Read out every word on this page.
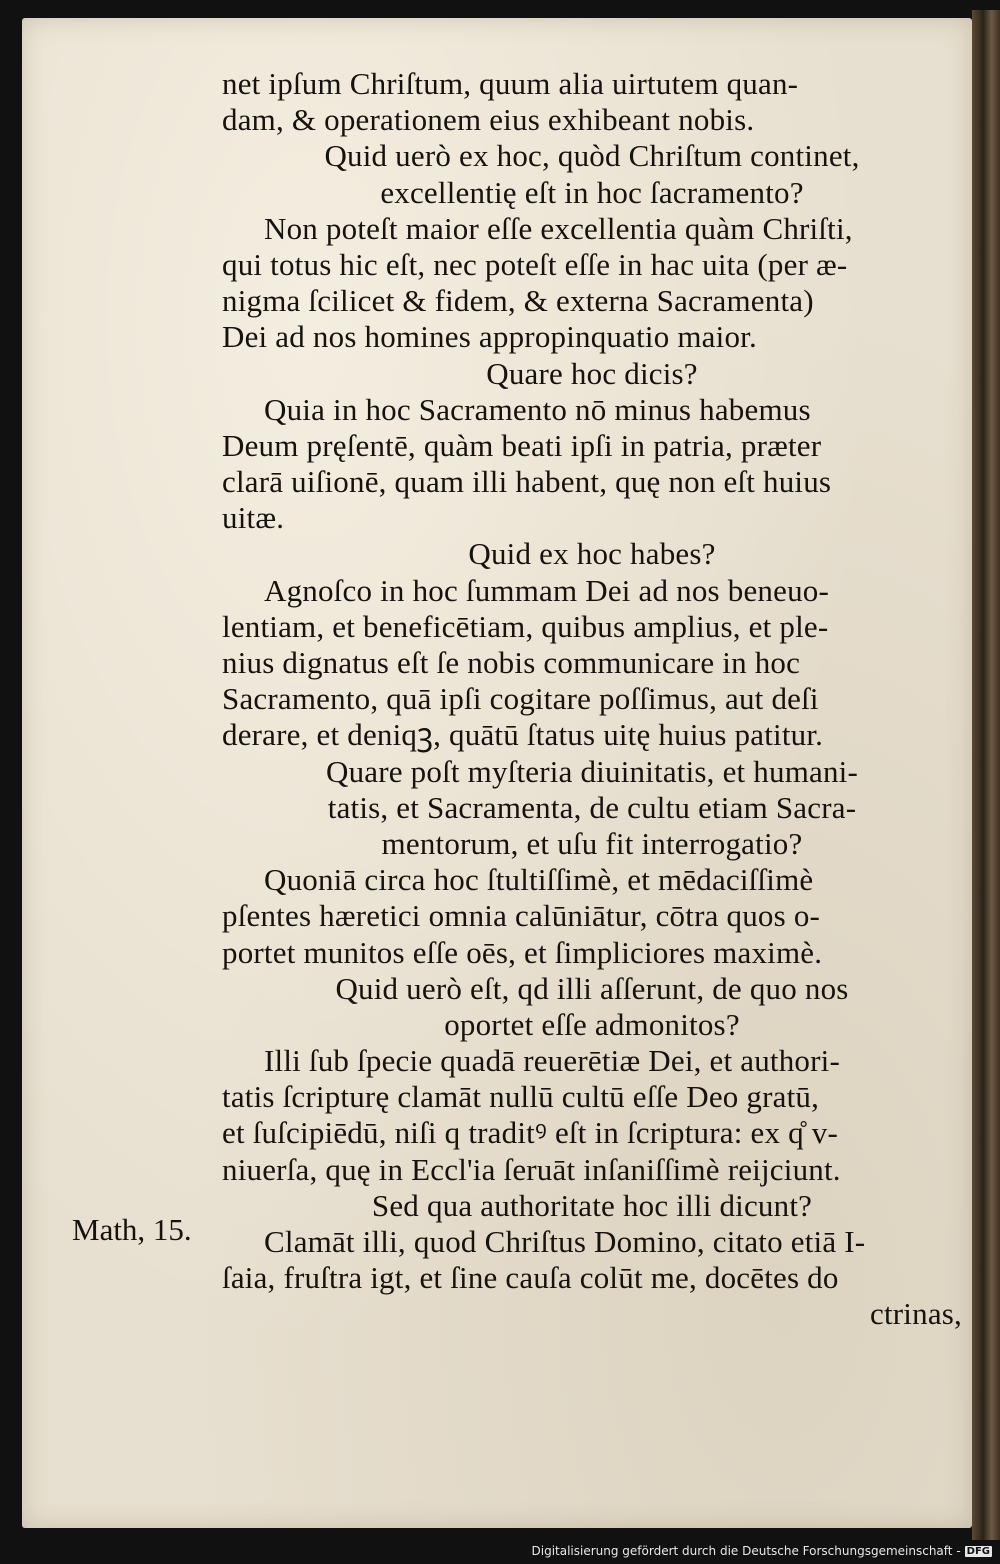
net ipſum Chriſtum, quum alia uirtutem quan-
dam, & operationem eius exhibeant nobis.
Quid uerò ex hoc, quòd Chriſtum continet,
excellentię eſt in hoc ſacramento?
Non poteſt maior eſſe excellentia quàm Chriſti,
qui totus hic eſt, nec poteſt eſſe in hac uita (per æ-
nigma ſcilicet & fidem, & externa Sacramenta)
Dei ad nos homines appropinquatio maior.
Quare hoc dicis?
Quia in hoc Sacramento nō minus habemus
Deum pręſentē, quàm beati ipſi in patria, præter
clarā uiſionē, quam illi habent, quę non eſt huius
uitæ.
Quid ex hoc habes?
Agnoſco in hoc ſummam Dei ad nos beneuo-
lentiam, et beneficētiam, quibus amplius, et ple-
nius dignatus eſt ſe nobis communicare in hoc
Sacramento, quā ipſi cogitare poſſimus, aut deſi
derare, et deniqꝫ, quātū ſtatus uitę huius patitur.
Quare poſt myſteria diuinitatis, et humani-
tatis, et Sacramenta, de cultu etiam Sacra-
mentorum, et uſu fit interrogatio?
Quoniā circa hoc ſtultiſſimè, et mēdaciſſimè
pſentes hæretici omnia calūniātur, cōtra quos o-
portet munitos eſſe oēs, et ſimpliciores maximè.
Quid uerò eſt, qd illi aſſerunt, de quo nos
oportet eſſe admonitos?
Illi ſub ſpecie quadā reuerētiæ Dei, et authori-
tatis ſcripturę clamāt nullū cultū eſſe Deo gratū,
et ſuſcipiēdū, niſi q traditꝰ eſt in ſcriptura: ex q̊ v-
niuerſa, quę in Eccl'ia ſeruāt inſaniſſimè reijciunt.
Sed qua authoritate hoc illi dicunt?
Clamāt illi, quod Chriſtus Domino, citato etiā I-
ſaia, fruſtra igt, et ſine cauſa colūt me, docētes do
ctrinas,
Math, 15.
Digitalisierung gefördert durch die Deutsche Forschungsgemeinschaft - DFG
